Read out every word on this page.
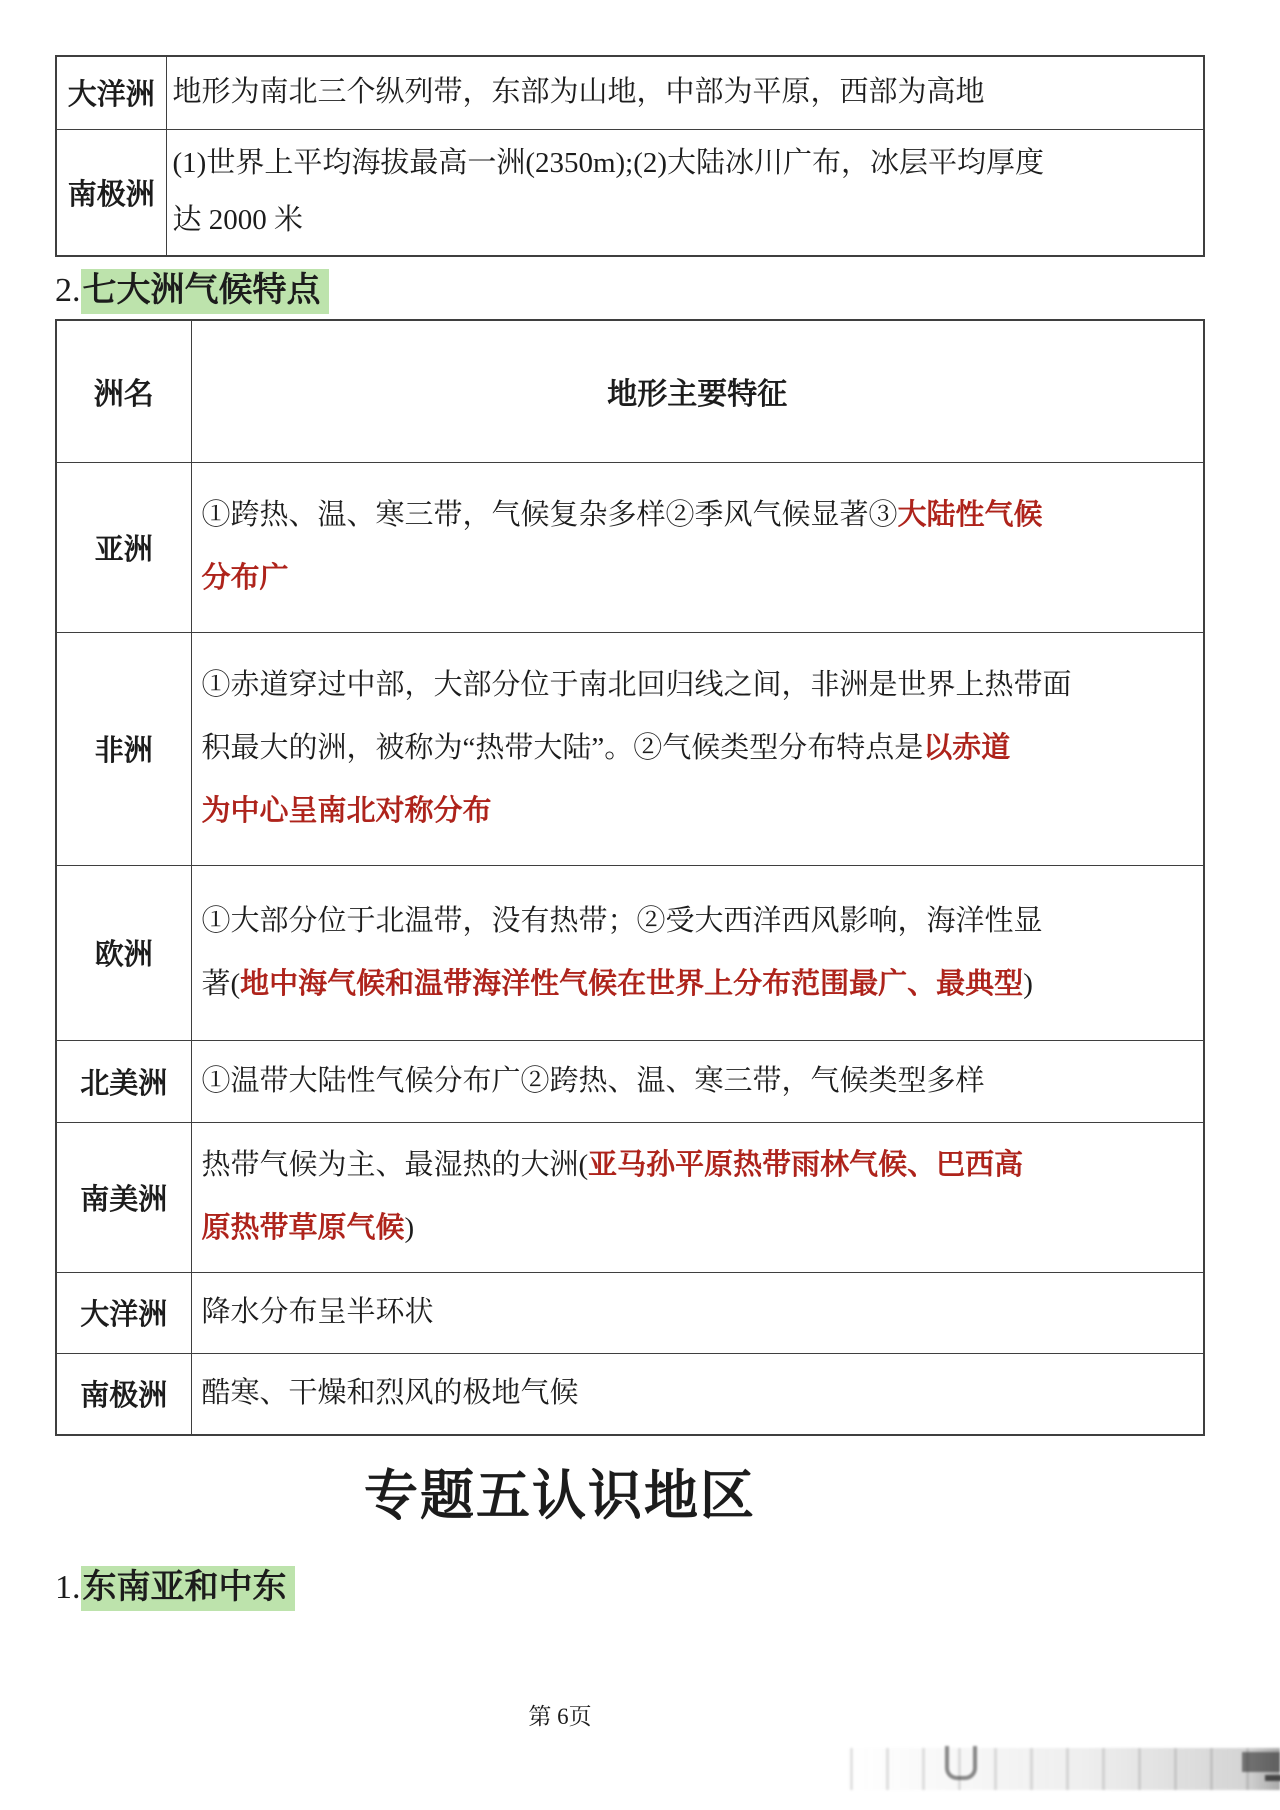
大洋洲	地形为南北三个纵列带，东部为山地，中部为平原，西部为高地

南极洲	(1)世界上平均海拔最高一洲(2350m);(2)大陆冰川广布，冰层平均厚度
达 2000 米
2.七大洲气候特点
洲名	地形主要特征
亚洲	①跨热、温、寒三带，气候复杂多样②季风气候显著③大陆性气候
分布广

非洲	①赤道穿过中部，大部分位于南北回归线之间，非洲是世界上热带面
积最大的洲，被称为“热带大陆”。②气候类型分布特点是以赤道
为中心呈南北对称分布

欧洲	①大部分位于北温带，没有热带；②受大西洋西风影响，海洋性显
著(地中海气候和温带海洋性气候在世界上分布范围最广、最典型)

北美洲	①温带大陆性气候分布广②跨热、温、寒三带，气候类型多样

南美洲	热带气候为主、最湿热的大洲(亚马孙平原热带雨林气候、巴西高
原热带草原气候)

大洋洲	降水分布呈半环状

南极洲	酷寒、干燥和烈风的极地气候
专题五认识地区
1.东南亚和中东
第 6页
